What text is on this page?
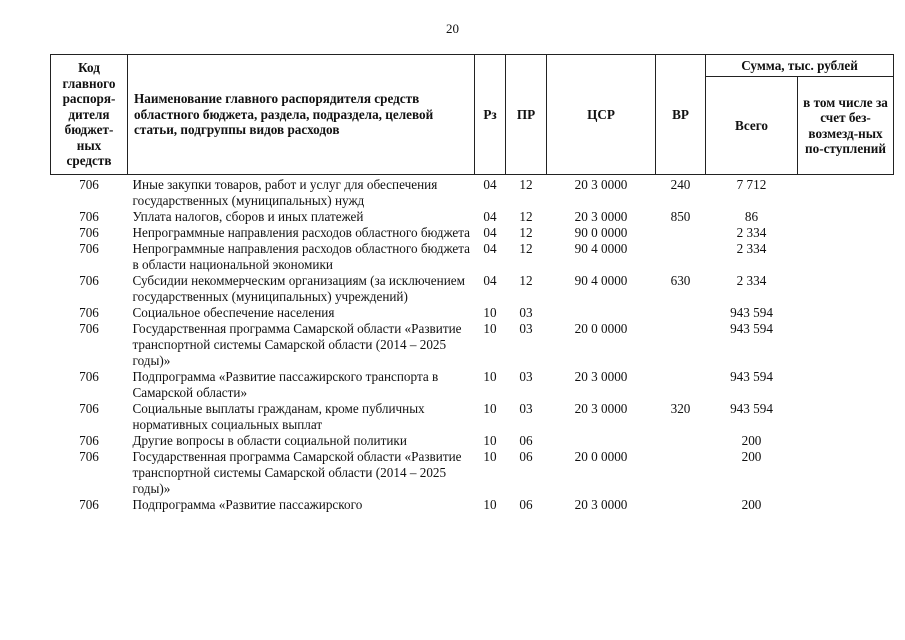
20
Код главного распоря-дителя бюджет-ных средств	Наименование главного распорядителя средств областного бюджета, раздела, подраздела, целевой статьи, подгруппы видов расходов	Рз	ПР	ЦСР	ВР	Сумма, тыс. рублей	
						Всего	в том числе за счет без-возмезд-ных по-ступлений
706	Иные закупки товаров, работ и услуг для обеспечения государственных (муниципальных) нужд	04	12	20 3 0000	240	7 712	
706	Уплата налогов, сборов и иных платежей	04	12	20 3 0000	850	86	
706	Непрограммные направления расходов областного бюджета	04	12	90 0 0000		2 334	
706	Непрограммные направления расходов областного бюджета в области национальной экономики	04	12	90 4 0000		2 334	
706	Субсидии некоммерческим организациям (за исключением государственных (муниципальных) учреждений)	04	12	90 4 0000	630	2 334	
706	Социальное обеспечение населения	10	03			943 594	
706	Государственная программа Самарской области «Развитие транспортной системы Самарской области (2014 – 2025 годы)»	10	03	20 0 0000		943 594	
706	Подпрограмма «Развитие пассажирского транспорта в Самарской области»	10	03	20 3 0000		943 594	
706	Социальные выплаты гражданам, кроме публичных нормативных социальных выплат	10	03	20 3 0000	320	943 594	
706	Другие вопросы в области социальной политики	10	06			200	
706	Государственная программа Самарской области «Развитие транспортной системы Самарской области (2014 – 2025 годы)»	10	06	20 0 0000		200	
706	Подпрограмма «Развитие пассажирского	10	06	20 3 0000		200	
